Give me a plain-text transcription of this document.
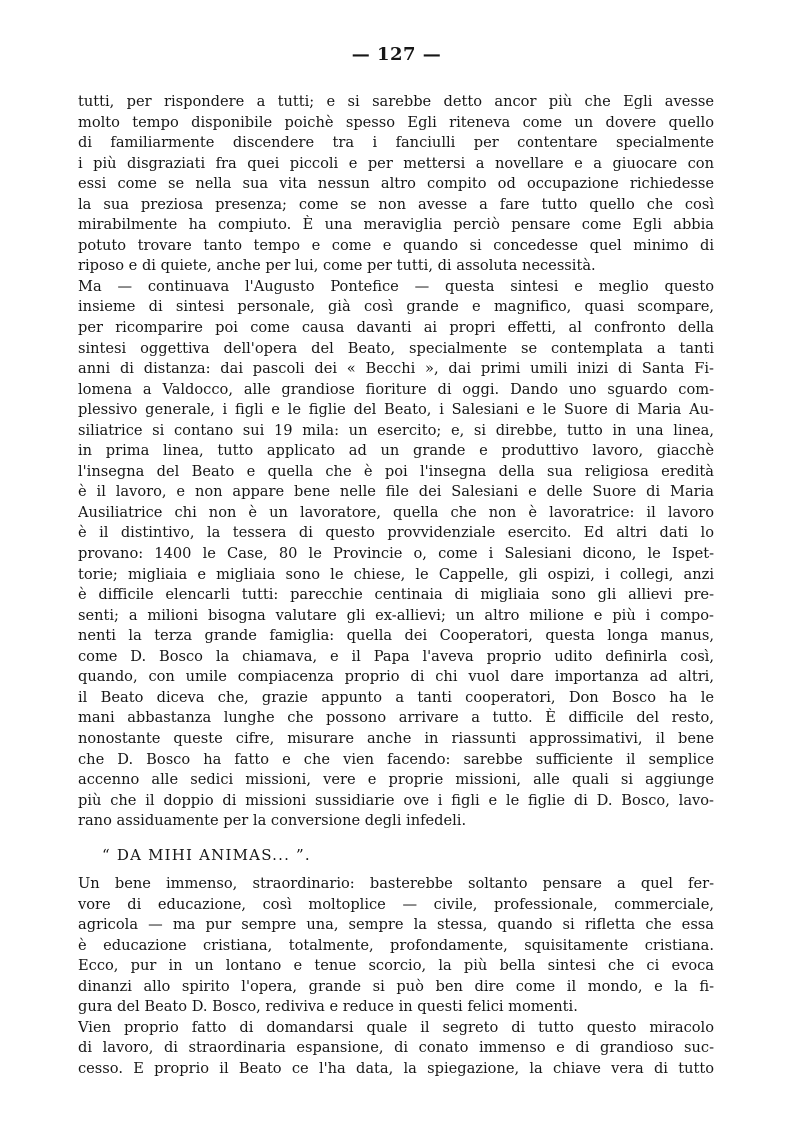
— 127 —
tutti, per rispondere a tutti; e si sarebbe detto ancor più che Egli avesse
molto tempo disponibile poichè spesso Egli riteneva come un dovere quello
di familiarmente discendere tra i fanciulli per contentare specialmente
i più disgraziati fra quei piccoli e per mettersi a novellare e a giuocare con
essi come se nella sua vita nessun altro compito od occupazione richiedesse
la sua preziosa presenza; come se non avesse a fare tutto quello che così
mirabilmente ha compiuto. È una meraviglia perciò pensare come Egli abbia
potuto trovare tanto tempo e come e quando si concedesse quel minimo di
riposo e di quiete, anche per lui, come per tutti, di assoluta necessità.
Ma — continuava l'Augusto Pontefice — questa sintesi e meglio questo
insieme di sintesi personale, già così grande e magnifico, quasi scompare,
per ricomparire poi come causa davanti ai propri effetti, al confronto della
sintesi oggettiva dell'opera del Beato, specialmente se contemplata a tanti
anni di distanza: dai pascoli dei « Becchi », dai primi umili inizi di Santa Fi-
lomena a Valdocco, alle grandiose fioriture di oggi. Dando uno sguardo com-
plessivo generale, i figli e le figlie del Beato, i Salesiani e le Suore di Maria Au-
siliatrice si contano sui 19 mila: un esercito; e, si direbbe, tutto in una linea,
in prima linea, tutto applicato ad un grande e produttivo lavoro, giacchè
l'insegna del Beato e quella che è poi l'insegna della sua religiosa eredità
è il lavoro, e non appare bene nelle file dei Salesiani e delle Suore di Maria
Ausiliatrice chi non è un lavoratore, quella che non è lavoratrice: il lavoro
è il distintivo, la tessera di questo provvidenziale esercito. Ed altri dati lo
provano: 1400 le Case, 80 le Provincie o, come i Salesiani dicono, le Ispet-
torie; migliaia e migliaia sono le chiese, le Cappelle, gli ospizi, i collegi, anzi
è difficile elencarli tutti: parecchie centinaia di migliaia sono gli allievi pre-
senti; a milioni bisogna valutare gli ex-allievi; un altro milione e più i compo-
nenti la terza grande famiglia: quella dei Cooperatori, questa longa manus,
come D. Bosco la chiamava, e il Papa l'aveva proprio udito definirla così,
quando, con umile compiacenza proprio di chi vuol dare importanza ad altri,
il Beato diceva che, grazie appunto a tanti cooperatori, Don Bosco ha le
mani abbastanza lunghe che possono arrivare a tutto. È difficile del resto,
nonostante queste cifre, misurare anche in riassunti approssimativi, il bene
che D. Bosco ha fatto e che vien facendo: sarebbe sufficiente il semplice
accenno alle sedici missioni, vere e proprie missioni, alle quali si aggiunge
più che il doppio di missioni sussidiarie ove i figli e le figlie di D. Bosco, lavo-
rano assiduamente per la conversione degli infedeli.
“ DA MIHI ANIMAS... ”.
Un bene immenso, straordinario: basterebbe soltanto pensare a quel fer-
vore di educazione, così moltoplice — civile, professionale, commerciale,
agricola — ma pur sempre una, sempre la stessa, quando si rifletta che essa
è educazione cristiana, totalmente, profondamente, squisitamente cristiana.
Ecco, pur in un lontano e tenue scorcio, la più bella sintesi che ci evoca
dinanzi allo spirito l'opera, grande si può ben dire come il mondo, e la fi-
gura del Beato D. Bosco, rediviva e reduce in questi felici momenti.
Vien proprio fatto di domandarsi quale il segreto di tutto questo miracolo
di lavoro, di straordinaria espansione, di conato immenso e di grandioso suc-
cesso. E proprio il Beato ce l'ha data, la spiegazione, la chiave vera di tutto
